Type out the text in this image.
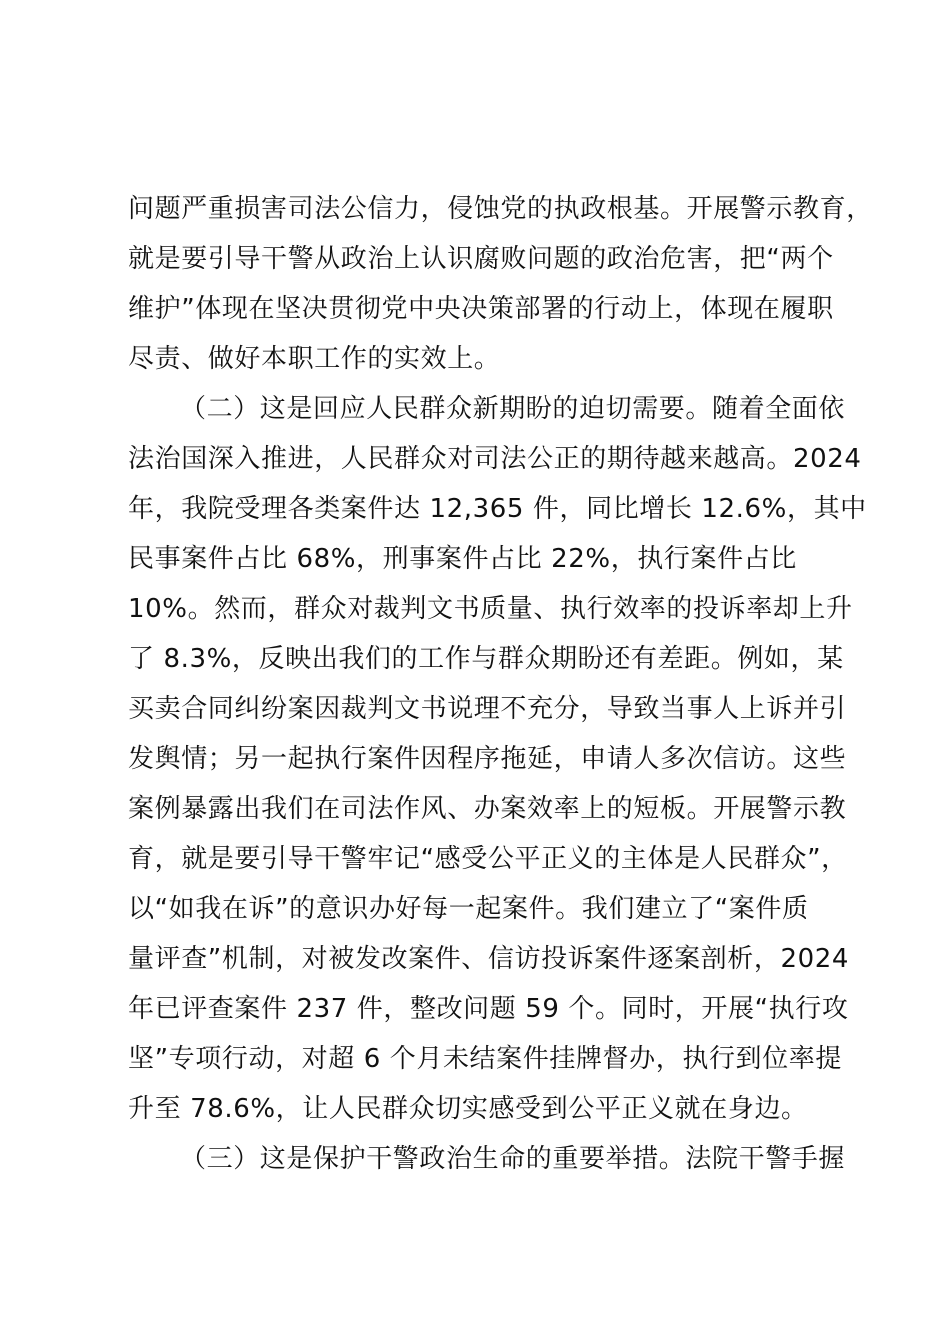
问题严重损害司法公信力，侵蚀党的执政根基。开展警示教育，
就是要引导干警从政治上认识腐败问题的政治危害，把“两个
维护”体现在坚决贯彻党中央决策部署的行动上，体现在履职
尽责、做好本职工作的实效上。
（二）这是回应人民群众新期盼的迫切需要。随着全面依
法治国深入推进，人民群众对司法公正的期待越来越高。2024
年，我院受理各类案件达 12,365 件，同比增长 12.6%，其中
民事案件占比 68%，刑事案件占比 22%，执行案件占比
10%。然而，群众对裁判文书质量、执行效率的投诉率却上升
了 8.3%，反映出我们的工作与群众期盼还有差距。例如，某
买卖合同纠纷案因裁判文书说理不充分，导致当事人上诉并引
发舆情；另一起执行案件因程序拖延，申请人多次信访。这些
案例暴露出我们在司法作风、办案效率上的短板。开展警示教
育，就是要引导干警牢记“感受公平正义的主体是人民群众”，
以“如我在诉”的意识办好每一起案件。我们建立了“案件质
量评查”机制，对被发改案件、信访投诉案件逐案剖析，2024
年已评查案件 237 件，整改问题 59 个。同时，开展“执行攻
坚”专项行动，对超 6 个月未结案件挂牌督办，执行到位率提
升至 78.6%，让人民群众切实感受到公平正义就在身边。
（三）这是保护干警政治生命的重要举措。法院干警手握
